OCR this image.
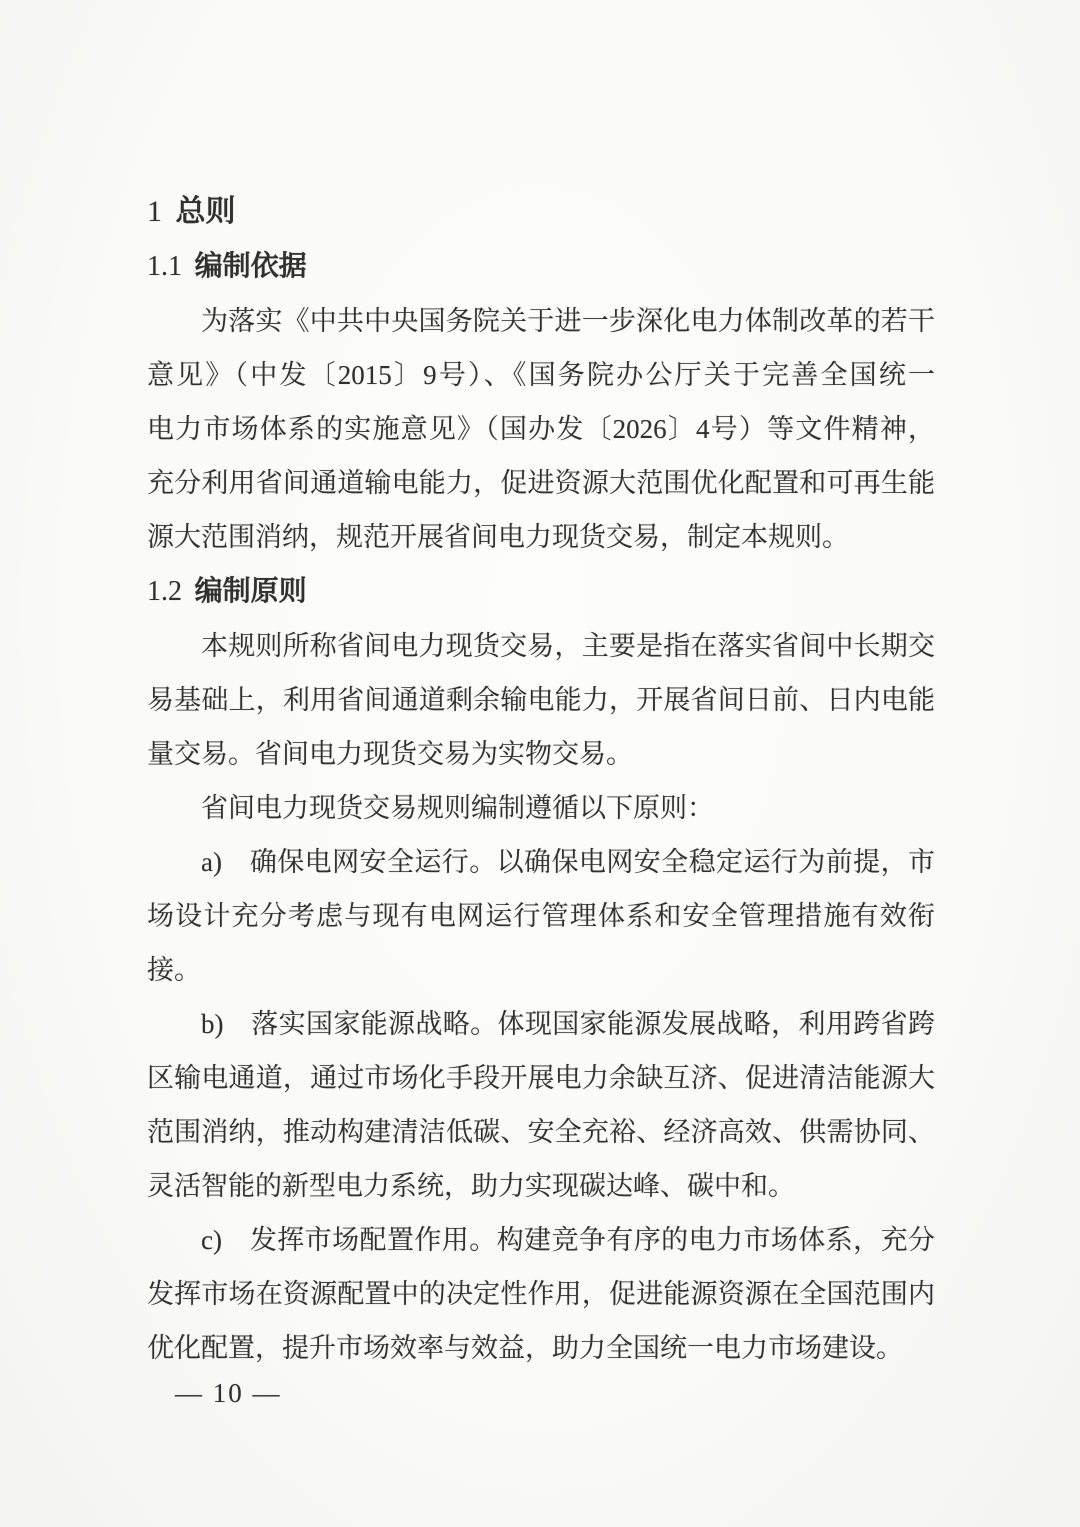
1 总则
1.1 编制依据
为落实《中共中央国务院关于进一步深化电力体制改革的若干
意见》（中发〔2015〕9号）、《国务院办公厅关于完善全国统一
电力市场体系的实施意见》（国办发〔2026〕4号）等文件精神，
充分利用省间通道输电能力，促进资源大范围优化配置和可再生能
源大范围消纳，规范开展省间电力现货交易，制定本规则。
1.2 编制原则
本规则所称省间电力现货交易，主要是指在落实省间中长期交
易基础上，利用省间通道剩余输电能力，开展省间日前、日内电能
量交易。省间电力现货交易为实物交易。
省间电力现货交易规则编制遵循以下原则：
a)　确保电网安全运行。以确保电网安全稳定运行为前提，市
场设计充分考虑与现有电网运行管理体系和安全管理措施有效衔
接。
b)　落实国家能源战略。体现国家能源发展战略，利用跨省跨
区输电通道，通过市场化手段开展电力余缺互济、促进清洁能源大
范围消纳，推动构建清洁低碳、安全充裕、经济高效、供需协同、
灵活智能的新型电力系统，助力实现碳达峰、碳中和。
c)　发挥市场配置作用。构建竞争有序的电力市场体系，充分
发挥市场在资源配置中的决定性作用，促进能源资源在全国范围内
优化配置，提升市场效率与效益，助力全国统一电力市场建设。
— 10 —
